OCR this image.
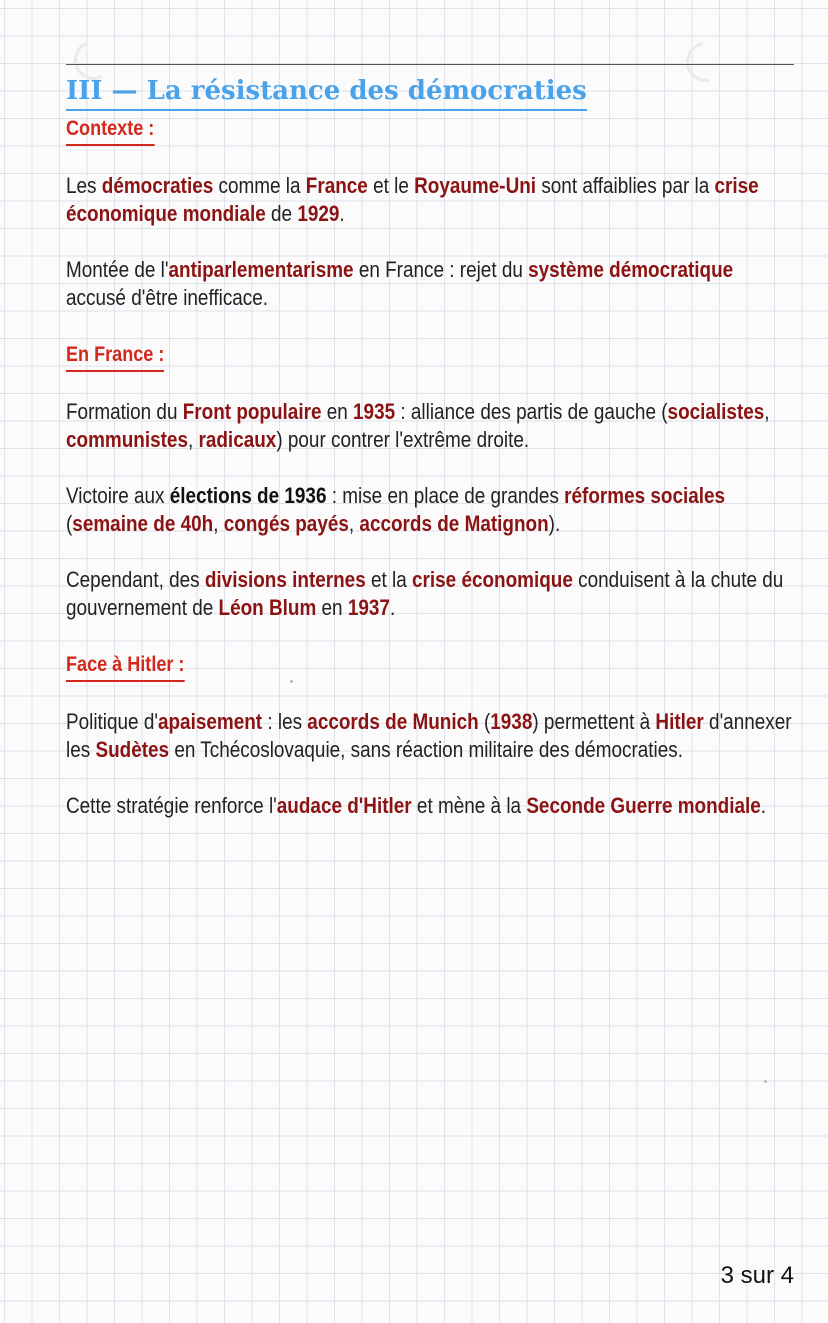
III — La résistance des démocraties
Contexte :

Les démocraties comme la France et le Royaume-Uni sont affaiblies par la crise économique mondiale de 1929.

Montée de l'antiparlementarisme en France : rejet du système démocratique accusé d'être inefficace.

En France :

Formation du Front populaire en 1935 : alliance des partis de gauche (socialistes, communistes, radicaux) pour contrer l'extrême droite.

Victoire aux élections de 1936 : mise en place de grandes réformes sociales (semaine de 40h, congés payés, accords de Matignon).

Cependant, des divisions internes et la crise économique conduisent à la chute du gouvernement de Léon Blum en 1937.

Face à Hitler :

Politique d'apaisement : les accords de Munich (1938) permettent à Hitler d'annexer les Sudètes en Tchécoslovaquie, sans réaction militaire des démocraties.

Cette stratégie renforce l'audace d'Hitler et mène à la Seconde Guerre mondiale.

3 sur 4
